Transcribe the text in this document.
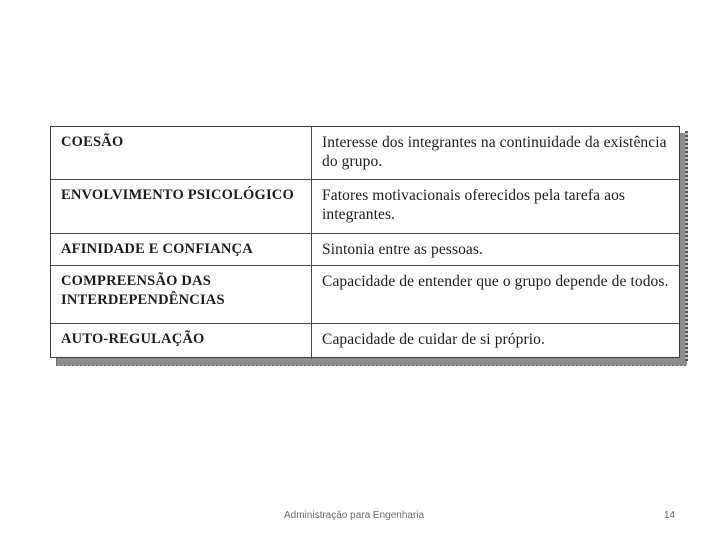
COESÃO	Interesse dos integrantes na continuidade da existência do grupo.
ENVOLVIMENTO PSICOLÓGICO	Fatores motivacionais oferecidos pela tarefa aos integrantes.
AFINIDADE E CONFIANÇA	Sintonia entre as pessoas.
COMPREENSÃO DAS INTERDEPENDÊNCIAS	Capacidade de entender que o grupo depende de todos.
AUTO-REGULAÇÃO	Capacidade de cuidar de si próprio.
Administração para Engenharia	14
